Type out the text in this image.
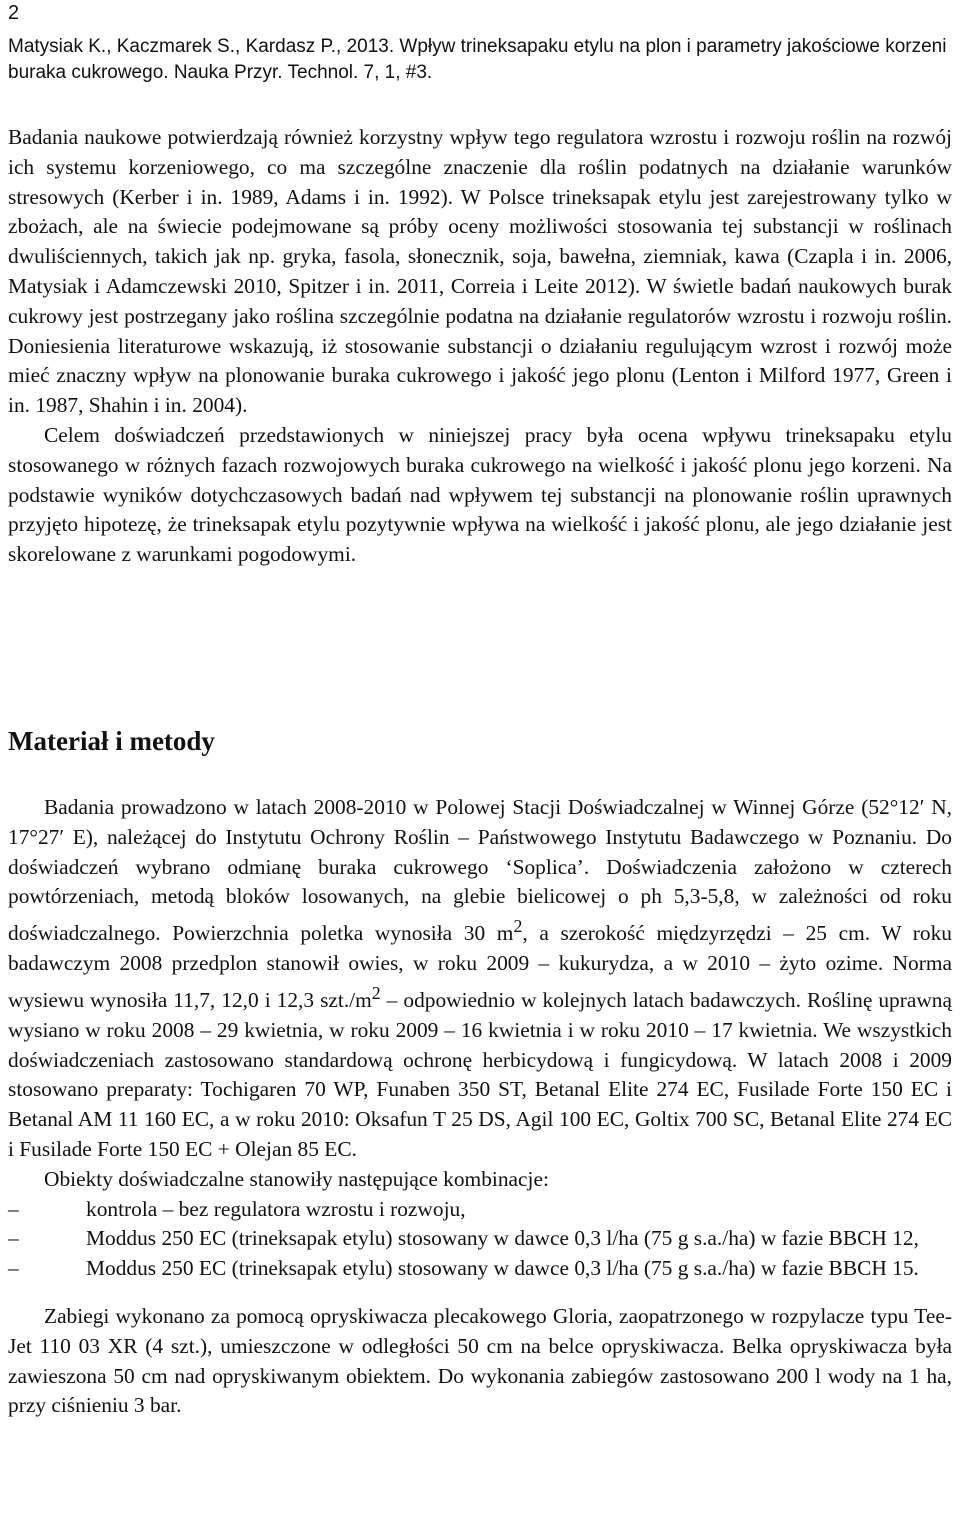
2
Matysiak K., Kaczmarek S., Kardasz P., 2013. Wpływ trineksapaku etylu na plon i parametry jakościowe korzeni
buraka cukrowego. Nauka Przyr. Technol. 7, 1, #3.

Badania naukowe potwierdzają również korzystny wpływ tego regulatora wzrostu i rozwoju roślin na rozwój ich systemu korzeniowego, co ma szczególne znaczenie dla roślin podatnych na działanie warunków stresowych (Kerber i in. 1989, Adams i in. 1992). W Polsce trineksapak etylu jest zarejestrowany tylko w zbożach, ale na świecie podejmowane są próby oceny możliwości stosowania tej substancji w roślinach dwuliściennych, takich jak np. gryka, fasola, słonecznik, soja, bawełna, ziemniak, kawa (Czapla i in. 2006, Matysiak i Adamczewski 2010, Spitzer i in. 2011, Correia i Leite 2012). W świetle badań naukowych burak cukrowy jest postrzegany jako roślina szczególnie podatna na działanie regulatorów wzrostu i rozwoju roślin. Doniesienia literaturowe wskazują, iż stosowanie substancji o działaniu regulującym wzrost i rozwój może mieć znaczny wpływ na plonowanie buraka cukrowego i jakość jego plonu (Lenton i Milford 1977, Green i in. 1987, Shahin i in. 2004).

Celem doświadczeń przedstawionych w niniejszej pracy była ocena wpływu trineksapaku etylu stosowanego w różnych fazach rozwojowych buraka cukrowego na wielkość i jakość plonu jego korzeni. Na podstawie wyników dotychczasowych badań nad wpływem tej substancji na plonowanie roślin uprawnych przyjęto hipotezę, że trineksapak etylu pozytywnie wpływa na wielkość i jakość plonu, ale jego działanie jest skorelowane z warunkami pogodowymi.

Materiał i metody

Badania prowadzono w latach 2008-2010 w Polowej Stacji Doświadczalnej w Winnej Górze (52°12′ N, 17°27′ E), należącej do Instytutu Ochrony Roślin – Państwowego Instytutu Badawczego w Poznaniu. Do doświadczeń wybrano odmianę buraka cukrowego ‘Soplica’. Doświadczenia założono w czterech powtórzeniach, metodą bloków losowanych, na glebie bielicowej o ph 5,3-5,8, w zależności od roku doświadczalnego. Powierzchnia poletka wynosiła 30 $m^2$, a szerokość międzyrzędzi – 25 cm. W roku badawczym 2008 przedplon stanowił owies, w roku 2009 – kukurydza, a w 2010 – żyto ozime. Norma wysiewu wynosiła 11,7, 12,0 i 12,3 $szt./m^2$ – odpowiednio w kolejnych latach badawczych. Roślinę uprawną wysiano w roku 2008 – 29 kwietnia, w roku 2009 – 16 kwietnia i w roku 2010 – 17 kwietnia. We wszystkich doświadczeniach zastosowano standardową ochronę herbicydową i fungicydową. W latach 2008 i 2009 stosowano preparaty: Tochigaren 70 WP, Funaben 350 ST, Betanal Elite 274 EC, Fusilade Forte 150 EC i Betanal AM 11 160 EC, a w roku 2010: Oksafun T 25 DS, Agil 100 EC, Goltix 700 SC, Betanal Elite 274 EC i Fusilade Forte 150 EC + Olejan 85 EC.

Obiekty doświadczalne stanowiły następujące kombinacje:

–	kontrola – bez regulatora wzrostu i rozwoju,
–	Moddus 250 EC (trineksapak etylu) stosowany w dawce 0,3 l/ha (75 g s.a./ha) w fazie BBCH 12,
–	Moddus 250 EC (trineksapak etylu) stosowany w dawce 0,3 l/ha (75 g s.a./ha) w fazie BBCH 15.

Zabiegi wykonano za pomocą opryskiwacza plecakowego Gloria, zaopatrzonego w rozpylacze typu Tee-Jet 110 03 XR (4 szt.), umieszczone w odległości 50 cm na belce opryskiwacza. Belka opryskiwacza była zawieszona 50 cm nad opryskiwanym obiektem. Do wykonania zabiegów zastosowano 200 l wody na 1 ha, przy ciśnieniu 3 bar.
